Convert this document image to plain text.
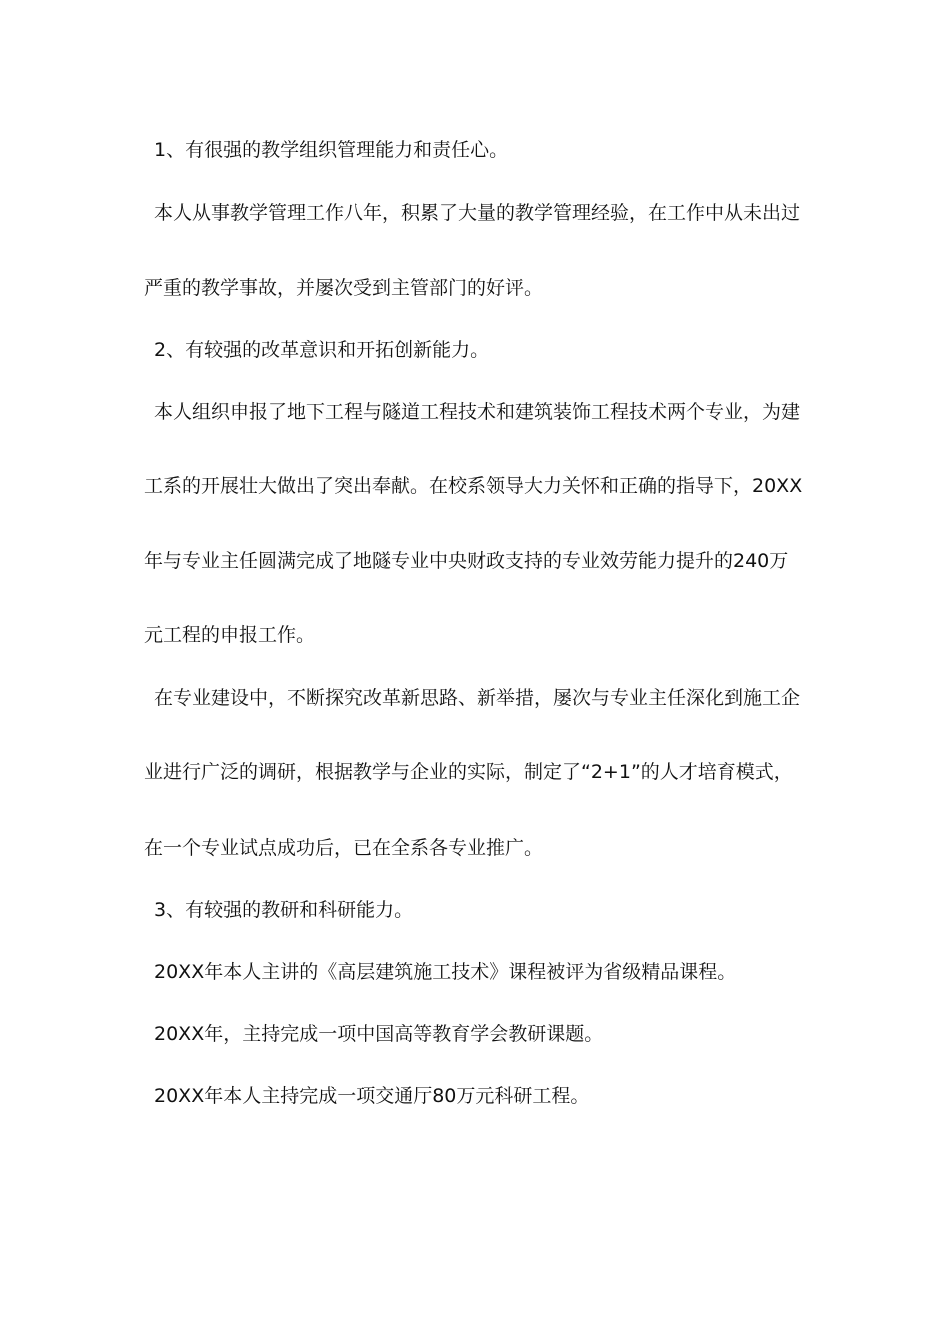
1、有很强的教学组织管理能力和责任心。
本人从事教学管理工作八年，积累了大量的教学管理经验，在工作中从未出过
严重的教学事故，并屡次受到主管部门的好评。
2、有较强的改革意识和开拓创新能力。
本人组织申报了地下工程与隧道工程技术和建筑装饰工程技术两个专业，为建
工系的开展壮大做出了突出奉献。在校系领导大力关怀和正确的指导下，20XX
年与专业主任圆满完成了地隧专业中央财政支持的专业效劳能力提升的240万
元工程的申报工作。
在专业建设中，不断探究改革新思路、新举措，屡次与专业主任深化到施工企
业进行广泛的调研，根据教学与企业的实际，制定了“2+1”的人才培育模式，
在一个专业试点成功后，已在全系各专业推广。
3、有较强的教研和科研能力。
20XX年本人主讲的《高层建筑施工技术》课程被评为省级精品课程。
20XX年，主持完成一项中国高等教育学会教研课题。
20XX年本人主持完成一项交通厅80万元科研工程。
